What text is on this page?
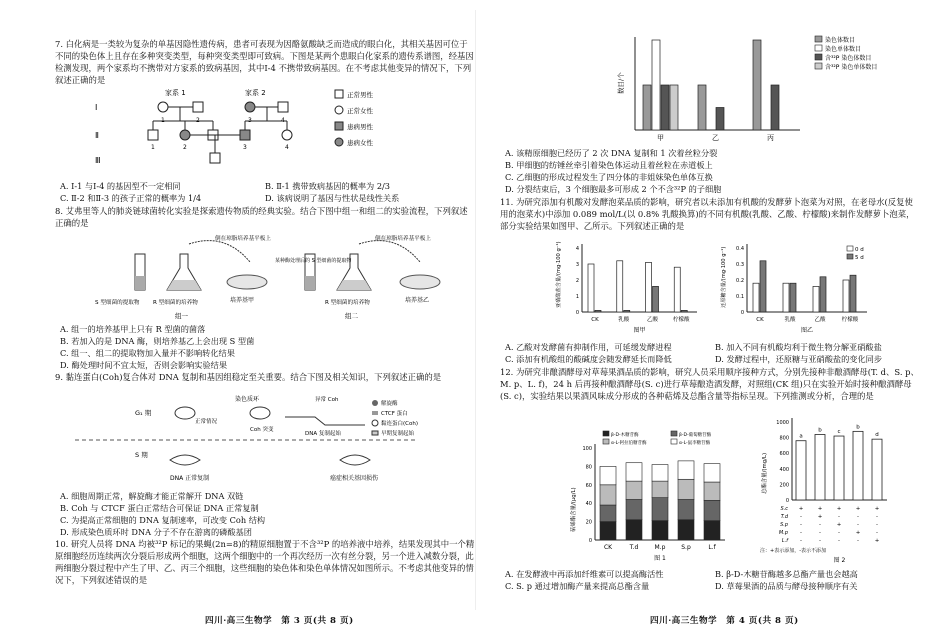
7. 白化病是一类较为复杂的单基因隐性遗传病，患者可表现为因酪氨酸缺乏而造成的眼白化，其相关基因可位于不同的染色体上且存在多种突变类型，每种突变类型即可致病。下图是某两个患眼白化家系的遗传系谱图，经基因检测发现，两个家系均不携带对方家系的致病基因，其中Ⅰ-4 不携带致病基因。在不考虑其他变异的情况下，下列叙述正确的是

家系 1	家系 2
Ⅰ
Ⅱ
Ⅲ
1	2	3	4
1	2	3	4
正常男性
正常女性
患病男性
患病女性
A. Ⅰ-1 与Ⅰ-4 的基因型不一定相同	B. Ⅱ-1 携带致病基因的概率为 2/3
C. Ⅱ-2 和Ⅱ-3 的孩子正常的概率为 1/4	D. 该病说明了基因与性状是线性关系

8. 艾弗里等人的肺炎链球菌转化实验是探索遗传物质的经典实验。结合下图中组一和组二的实验流程，下列叙述正确的是

倒在琼脂培养基平板上
培养基甲
S 型细菌的提取物 R 型细菌的培养物
组一
倒在琼脂培养基平板上
培养基乙
某种酶处理后的 S 型细菌的提取物
R 型细菌的培养物
组二
A. 组一的培养基甲上只有 R 型菌的菌落
B. 若加入的是 DNA 酶，则培养基乙上会出现 S 型菌
C. 组一、组二的提取物加入量并不影响转化结果
D. 酶处理时间不宜太短，否则会影响实验结果

9. 黏连蛋白(Coh)复合体对 DNA 复制和基因组稳定至关重要。结合下图及相关知识，下列叙述正确的是

G₁ 期
S 期
染色质环
正常情况
Coh 突变
异常 Coh
DNA 复制起始
解旋酶
CTCF 蛋白
黏连蛋白(Coh)
早期复制起始
DNA 正常复制	癌症相关基因损伤
A. 细胞周期正常，解旋酶才能正常解开 DNA 双链
B. Coh 与 CTCF 蛋白正常结合可保证 DNA 正常复制
C. 为提高正常细胞的 DNA 复制速率，可改变 Coh 结构
D. 形成染色质环时 DNA 分子不存在游离的磷酸基团

10. 研究人员将 DNA 均被³²P 标记的果蝇(2n=8)的精原细胞置于不含³²P 的培养液中培养，结果发现其中一个精原细胞经历连续两次分裂后形成两个细胞，这两个细胞中的一个再次经历一次有丝分裂，另一个进入减数分裂，此两细胞分裂过程中产生了甲、乙、丙三个细胞，这些细胞的染色体和染色单体情况如图所示。不考虑其他变异的情况下，下列叙述错误的是

四川·高三生物学　第 3 页(共 8 页)
数目/个
甲	乙	丙
染色体数目
染色单体数目
含³²P 染色体数目
含³²P 染色单体数目
A. 该精原细胞已经历了 2 次 DNA 复制和 1 次着丝粒分裂
B. 甲细胞的纺锤丝牵引着染色体运动且着丝粒在赤道板上
C. 乙细胞的形成过程发生了四分体的非姐妹染色单体互换
D. 分裂结束后，3 个细胞最多可形成 2 个不含³²P 的子细胞

11. 为研究添加有机酸对发酵泡菜品质的影响，研究者以未添加有机酸的发酵萝卜泡菜为对照，在老母水(反复使用的泡菜水)中添加 0.089 mol/L(以 0.8% 乳酸换算)的不同有机酸(乳酸、乙酸、柠檬酸)来制作发酵萝卜泡菜，部分实验结果如图甲、乙所示。下列叙述正确的是

亚硝酸盐含量/(mg·100 g⁻¹)
0
1
2
3
4
CK	乳酸	乙酸	柠檬酸
图甲
还原糖含量/(mg·100 g⁻¹)
0
0.1
0.2
0.3
0.4
CK	乳酸	乙酸	柠檬酸
图乙
0 d
5 d
A. 乙酸对发酵菌有抑制作用，可延缓发酵进程	B. 加入不同有机酸均利于微生物分解亚硝酸盐
C. 添加有机酸组的酸碱度会随发酵延长而降低	D. 发酵过程中，还原糖与亚硝酸盐的变化同步

12. 为研究非酿酒酵母对草莓果酒品质的影响，研究人员采用顺序接种方式，分别先接种非酿酒酵母(T. d、S. p、M. p、L. f)，24 h 后再接种酿酒酵母(S. c)进行草莓酿造酒发酵，对照组(CK 组)只在实验开始时接种酿酒酵母(S. c)，实验结果以果酒风味成分形成的各种萜烯及总酯含量等指标呈现。下列推测或分析，合理的是

萜烯酯含量/(μg/L)
0
20
40
60
80
100
CK	T.d	M.p	S.p	L.f
β-D-木糖苷酶	β-D-葡萄糖苷酶
α-L-阿拉伯糖苷酶	α-L-鼠李糖苷酶
图 1
总酯含量/(mg/L)
0
200
400
600
800
1000
a
b	c
b
d
S.c +	+	+	+	+
T.d -	+	-	-	-
S.p -	-	+	-	-
M.p -	-	-	+	-
L.f -	-	-	-	+
注：+表示添加，-表示不添加
图 2
A. 在发酵液中再添加纤维素可以提高酶活性	B. β-D-木糖苷酶越多总酯产量也会越高
C. S. p 通过增加酶产量来提高总酯含量	D. 草莓果酒的品质与酵母接种顺序有关
四川·高三生物学　第 4 页(共 8 页)
